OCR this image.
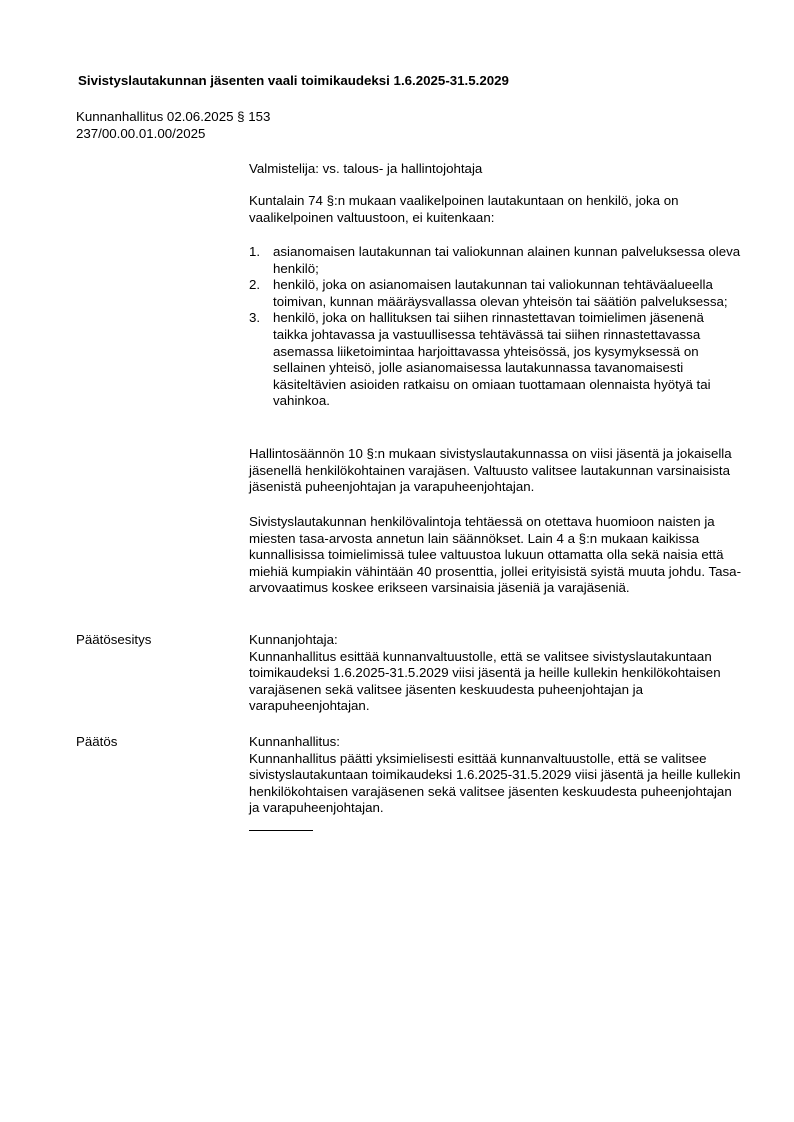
Sivistyslautakunnan jäsenten vaali toimikaudeksi 1.6.2025-31.5.2029
Kunnanhallitus 02.06.2025 § 153
237/00.00.01.00/2025
Valmistelija: vs. talous- ja hallintojohtaja
Kuntalain 74 §:n mukaan vaalikelpoinen lautakuntaan on henkilö, joka on vaalikelpoinen valtuustoon, ei kuitenkaan:
1. asianomaisen lautakunnan tai valiokunnan alainen kunnan palveluksessa oleva henkilö;
2. henkilö, joka on asianomaisen lautakunnan tai valiokunnan tehtäväalueella toimivan, kunnan määräysvallassa olevan yhteisön tai säätiön palveluksessa;
3. henkilö, joka on hallituksen tai siihen rinnastettavan toimielimen jäsenenä taikka johtavassa ja vastuullisessa tehtävässä tai siihen rinnastettavassa asemassa liiketoimintaa harjoittavassa yhteisössä, jos kysymyksessä on sellainen yhteisö, jolle asianomaisessa lautakunnassa tavanomaisesti käsiteltävien asioiden ratkaisu on omiaan tuottamaan olennaista hyötyä tai vahinkoa.
Hallintosäännön 10 §:n mukaan sivistyslautakunnassa on viisi jäsentä ja jokaisella jäsenellä henkilökohtainen varajäsen. Valtuusto valitsee lautakunnan varsinaisista jäsenistä puheenjohtajan ja varapuheenjohtajan.
Sivistyslautakunnan henkilövalintoja tehtäessä on otettava huomioon naisten ja miesten tasa-arvosta annetun lain säännökset. Lain 4 a §:n mukaan kaikissa kunnallisissa toimielimissä tulee valtuustoa lukuun ottamatta olla sekä naisia että miehiä kumpiakin vähintään 40 prosenttia, jollei erityisistä syistä muuta johdu. Tasa-arvovaatimus koskee erikseen varsinaisia jäseniä ja varajäseniä.
Päätösesitys	Kunnanjohtaja:
Kunnanhallitus esittää kunnanvaltuustolle, että se valitsee sivistyslautakuntaan toimikaudeksi 1.6.2025-31.5.2029 viisi jäsentä ja heille kullekin henkilökohtaisen varajäsenen sekä valitsee jäsenten keskuudesta puheenjohtajan ja varapuheenjohtajan.
Päätös	Kunnanhallitus:
Kunnanhallitus päätti yksimielisesti esittää kunnanvaltuustolle, että se valitsee sivistyslautakuntaan toimikaudeksi 1.6.2025-31.5.2029 viisi jäsentä ja heille kullekin henkilökohtaisen varajäsenen sekä valitsee jäsenten keskuudesta puheenjohtajan ja varapuheenjohtajan.
